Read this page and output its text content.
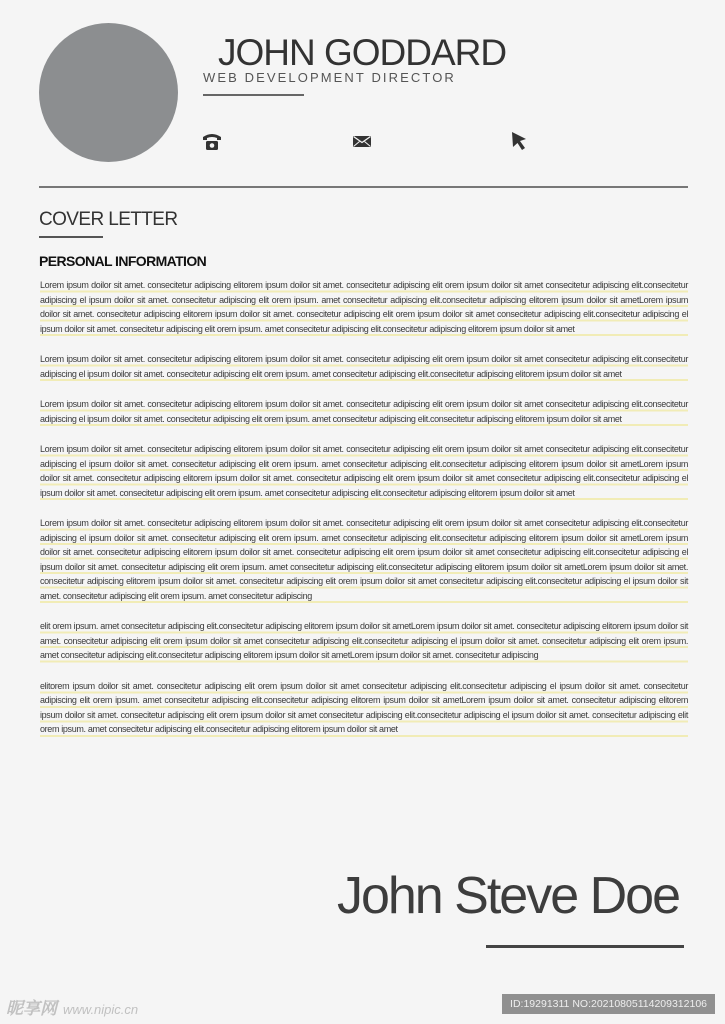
JOHN GODDARD
WEB DEVELOPMENT DIRECTOR
COVER LETTER
PERSONAL INFORMATION

Lorem ipsum doilor sit amet. consecitetur adipiscing elitorem ipsum doilor sit amet. consecitetur adipiscing elit orem ipsum doilor sit amet consecitetur adipiscing elit.consecitetur adipiscing el ipsum doilor sit amet. consecitetur adipiscing elit orem ipsum. amet consecitetur adipiscing elit.consecitetur adipiscing elitorem ipsum doilor sit ametLorem ipsum doilor sit amet. consecitetur adipiscing elitorem ipsum doilor sit amet. consecitetur adipiscing elit orem ipsum doilor sit amet consecitetur adipiscing elit.consecitetur adipiscing el ipsum doilor sit amet. consecitetur adipiscing elit orem ipsum. amet consecitetur adipiscing elit.consecitetur adipiscing elitorem ipsum doilor sit amet

Lorem ipsum doilor sit amet. consecitetur adipiscing elitorem ipsum doilor sit amet. consecitetur adipiscing elit orem ipsum doilor sit amet consecitetur adipiscing elit.consecitetur adipiscing el ipsum doilor sit amet. consecitetur adipiscing elit orem ipsum. amet consecitetur adipiscing elit.consecitetur adipiscing elitorem ipsum doilor sit amet

Lorem ipsum doilor sit amet. consecitetur adipiscing elitorem ipsum doilor sit amet. consecitetur adipiscing elit orem ipsum doilor sit amet consecitetur adipiscing elit.consecitetur adipiscing el ipsum doilor sit amet. consecitetur adipiscing elit orem ipsum. amet consecitetur adipiscing elit.consecitetur adipiscing elitorem ipsum doilor sit amet

Lorem ipsum doilor sit amet. consecitetur adipiscing elitorem ipsum doilor sit amet. consecitetur adipiscing elit orem ipsum doilor sit amet consecitetur adipiscing elit.consecitetur adipiscing el ipsum doilor sit amet. consecitetur adipiscing elit orem ipsum. amet consecitetur adipiscing elit.consecitetur adipiscing elitorem ipsum doilor sit ametLorem ipsum doilor sit amet. consecitetur adipiscing elitorem ipsum doilor sit amet. consecitetur adipiscing elit orem ipsum doilor sit amet consecitetur adipiscing elit.consecitetur adipiscing el ipsum doilor sit amet. consecitetur adipiscing elit orem ipsum. amet consecitetur adipiscing elit.consecitetur adipiscing elitorem ipsum doilor sit amet

Lorem ipsum doilor sit amet. consecitetur adipiscing elitorem ipsum doilor sit amet. consecitetur adipiscing elit orem ipsum doilor sit amet consecitetur adipiscing elit.consecitetur adipiscing el ipsum doilor sit amet. consecitetur adipiscing elit orem ipsum. amet consecitetur adipiscing elit.consecitetur adipiscing elitorem ipsum doilor sit ametLorem ipsum doilor sit amet. consecitetur adipiscing elitorem ipsum doilor sit amet. consecitetur adipiscing elit orem ipsum doilor sit amet consecitetur adipiscing elit.consecitetur adipiscing el ipsum doilor sit amet. consecitetur adipiscing elit orem ipsum. amet consecitetur adipiscing elit.consecitetur adipiscing elitorem ipsum doilor sit ametLorem ipsum doilor sit amet. consecitetur adipiscing elitorem ipsum doilor sit amet. consecitetur adipiscing elit orem ipsum doilor sit amet consecitetur adipiscing elit.consecitetur adipiscing el ipsum doilor sit amet. consecitetur adipiscing elit orem ipsum. amet consecitetur adipiscing

elit orem ipsum. amet consecitetur adipiscing elit.consecitetur adipiscing elitorem ipsum doilor sit ametLorem ipsum doilor sit amet. consecitetur adipiscing elitorem ipsum doilor sit amet. consecitetur adipiscing elit orem ipsum doilor sit amet consecitetur adipiscing elit.consecitetur adipiscing el ipsum doilor sit amet. consecitetur adipiscing elit orem ipsum. amet consecitetur adipiscing elit.consecitetur adipiscing elitorem ipsum doilor sit ametLorem ipsum doilor sit amet. consecitetur adipiscing

elitorem ipsum doilor sit amet. consecitetur adipiscing elit orem ipsum doilor sit amet consecitetur adipiscing elit.consecitetur adipiscing el ipsum doilor sit amet. consecitetur adipiscing elit orem ipsum. amet consecitetur adipiscing elit.consecitetur adipiscing elitorem ipsum doilor sit ametLorem ipsum doilor sit amet. consecitetur adipiscing elitorem ipsum doilor sit amet. consecitetur adipiscing elit orem ipsum doilor sit amet consecitetur adipiscing elit.consecitetur adipiscing el ipsum doilor sit amet. consecitetur adipiscing elit orem ipsum. amet consecitetur adipiscing elit.consecitetur adipiscing elitorem ipsum doilor sit amet

John Steve Doe
昵享网 www.nipic.cn	ID:19291311 NO:20210805114209312106
